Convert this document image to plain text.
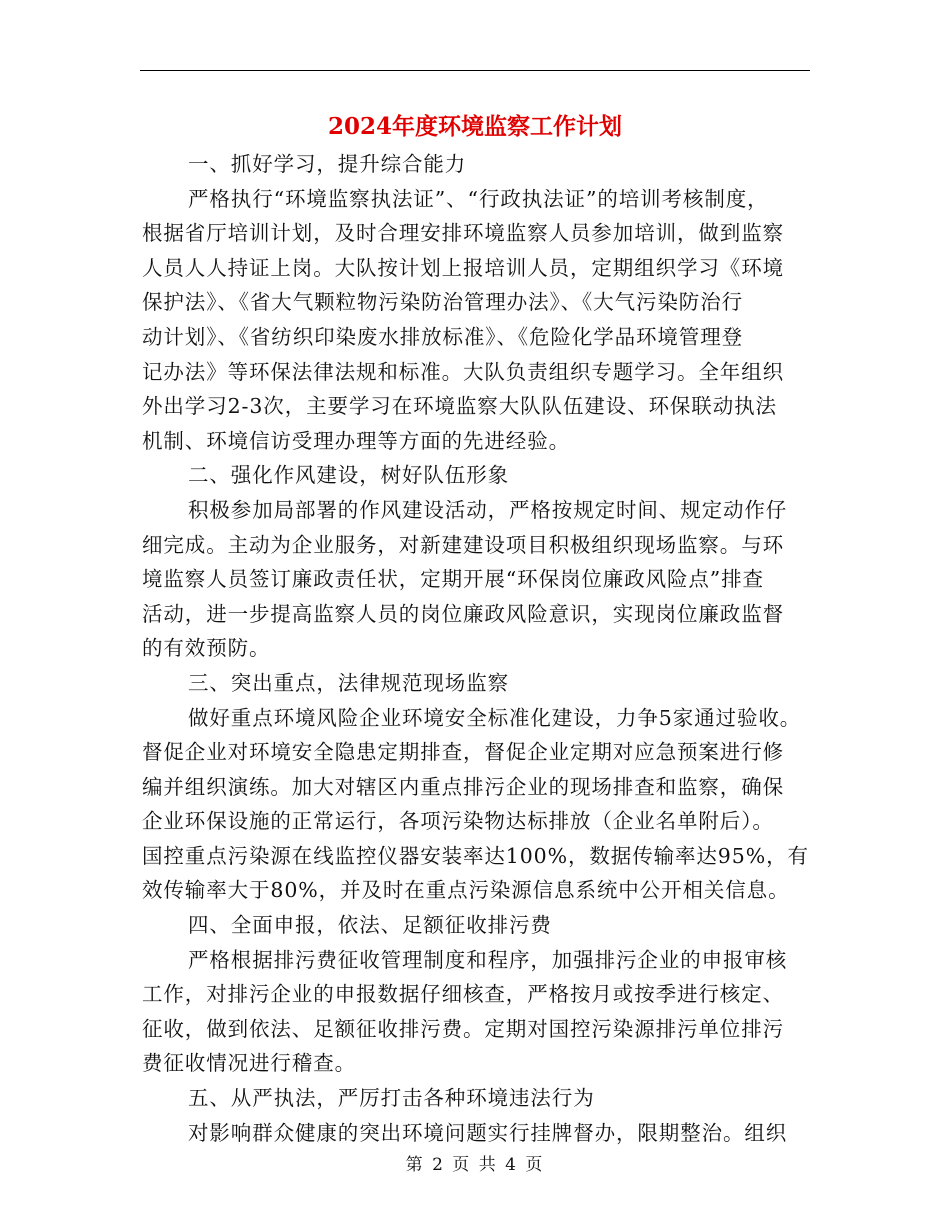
2024年度环境监察工作计划
一、抓好学习，提升综合能力
严格执行“环境监察执法证”、“行政执法证”的培训考核制度，
根据省厅培训计划，及时合理安排环境监察人员参加培训，做到监察
人员人人持证上岗。大队按计划上报培训人员，定期组织学习《环境
保护法》、《省大气颗粒物污染防治管理办法》、《大气污染防治行
动计划》、《省纺织印染废水排放标准》、《危险化学品环境管理登
记办法》等环保法律法规和标准。大队负责组织专题学习。全年组织
外出学习2-3次，主要学习在环境监察大队队伍建设、环保联动执法
机制、环境信访受理办理等方面的先进经验。
二、强化作风建设，树好队伍形象
积极参加局部署的作风建设活动，严格按规定时间、规定动作仔
细完成。主动为企业服务，对新建建设项目积极组织现场监察。与环
境监察人员签订廉政责任状，定期开展“环保岗位廉政风险点”排查
活动，进一步提高监察人员的岗位廉政风险意识，实现岗位廉政监督
的有效预防。
三、突出重点，法律规范现场监察
做好重点环境风险企业环境安全标准化建设，力争5家通过验收。
督促企业对环境安全隐患定期排查，督促企业定期对应急预案进行修
编并组织演练。加大对辖区内重点排污企业的现场排查和监察，确保
企业环保设施的正常运行，各项污染物达标排放（企业名单附后）。
国控重点污染源在线监控仪器安装率达100%，数据传输率达95%，有
效传输率大于80%，并及时在重点污染源信息系统中公开相关信息。
四、全面申报，依法、足额征收排污费
严格根据排污费征收管理制度和程序，加强排污企业的申报审核
工作，对排污企业的申报数据仔细核查，严格按月或按季进行核定、
征收，做到依法、足额征收排污费。定期对国控污染源排污单位排污
费征收情况进行稽查。
五、从严执法，严厉打击各种环境违法行为
对影响群众健康的突出环境问题实行挂牌督办，限期整治。组织
第 2 页 共 4 页
